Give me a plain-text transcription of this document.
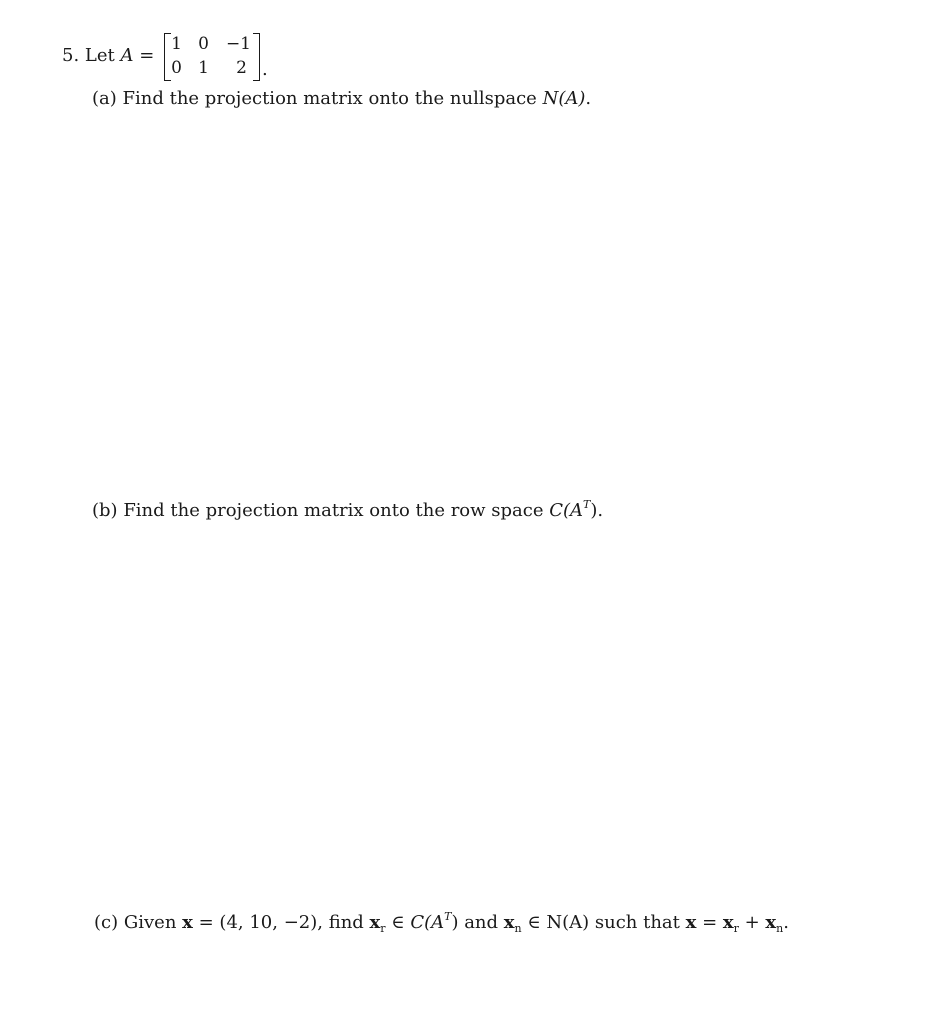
5. Let A =
1 0 −1
0 1	2 .
(a) Find the projection matrix onto the nullspace N(A).
(b) Find the projection matrix onto the row space $C(A^T)$.
(c) Given x = (4, 10, −2), find $x_r$ ∈ $C(A^T)$ and $x_n$ ∈ N(A) such that $x = x_r + x_n$.
